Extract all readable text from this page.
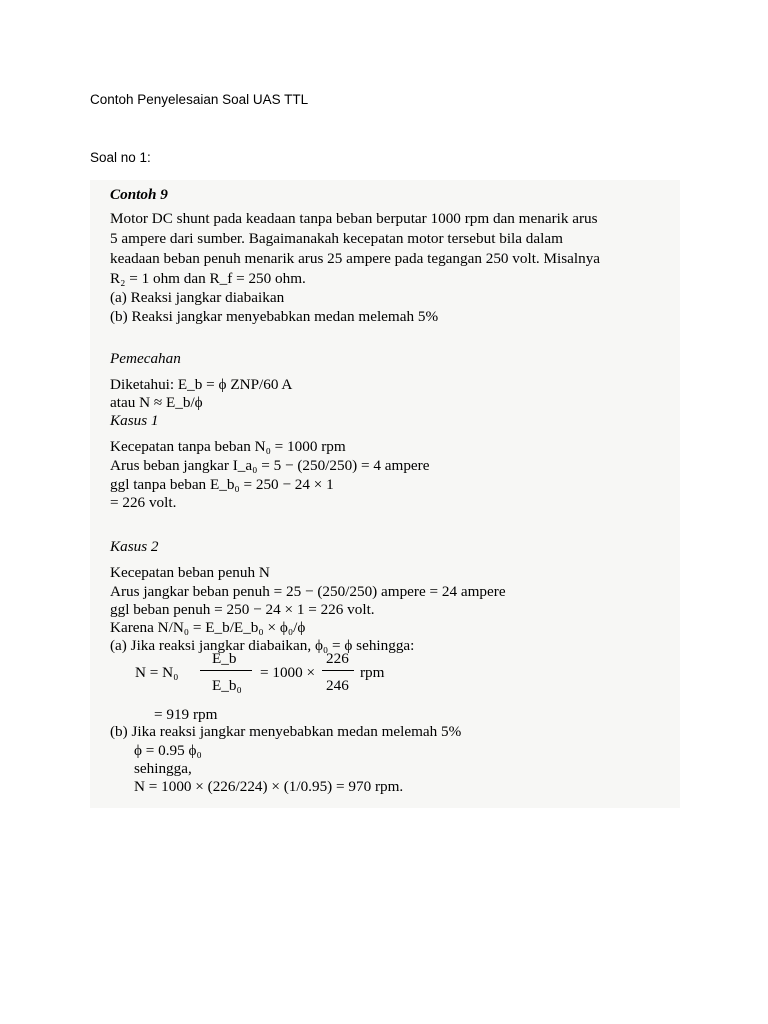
Contoh Penyelesaian Soal UAS TTL
Soal no 1:
Contoh 9
Motor DC shunt pada keadaan tanpa beban berputar 1000 rpm dan menarik arus
5 ampere dari sumber. Bagaimanakah kecepatan motor tersebut bila dalam
keadaan beban penuh menarik arus 25 ampere pada tegangan 250 volt. Misalnya
R₂ = 1 ohm dan R_f = 250 ohm.
(a) Reaksi jangkar diabaikan
(b) Reaksi jangkar menyebabkan medan melemah 5%
Pemecahan
Diketahui: E_b = ϕ ZNP/60 A
atau N ≈ E_b/ϕ
Kasus 1
Kecepatan tanpa beban N₀ = 1000 rpm
Arus beban jangkar I_a₀ = 5 − (250/250) = 4 ampere
ggl tanpa beban E_b₀ = 250 − 24 × 1
= 226 volt.
Kasus 2
Kecepatan beban penuh N
Arus jangkar beban penuh = 25 − (250/250) ampere = 24 ampere
ggl beban penuh = 250 − 24 × 1 = 226 volt.
Karena N/N₀ = E_b/E_b₀ × ϕ₀/ϕ
(a) Jika reaksi jangkar diabaikan, ϕ₀ = ϕ sehingga:
N = N₀
E_b
E_b₀
= 1000 ×
226
246
rpm
= 919 rpm
(b) Jika reaksi jangkar menyebabkan medan melemah 5%
ϕ = 0.95 ϕ₀
sehingga,
N = 1000 × (226/224) × (1/0.95) = 970 rpm.
